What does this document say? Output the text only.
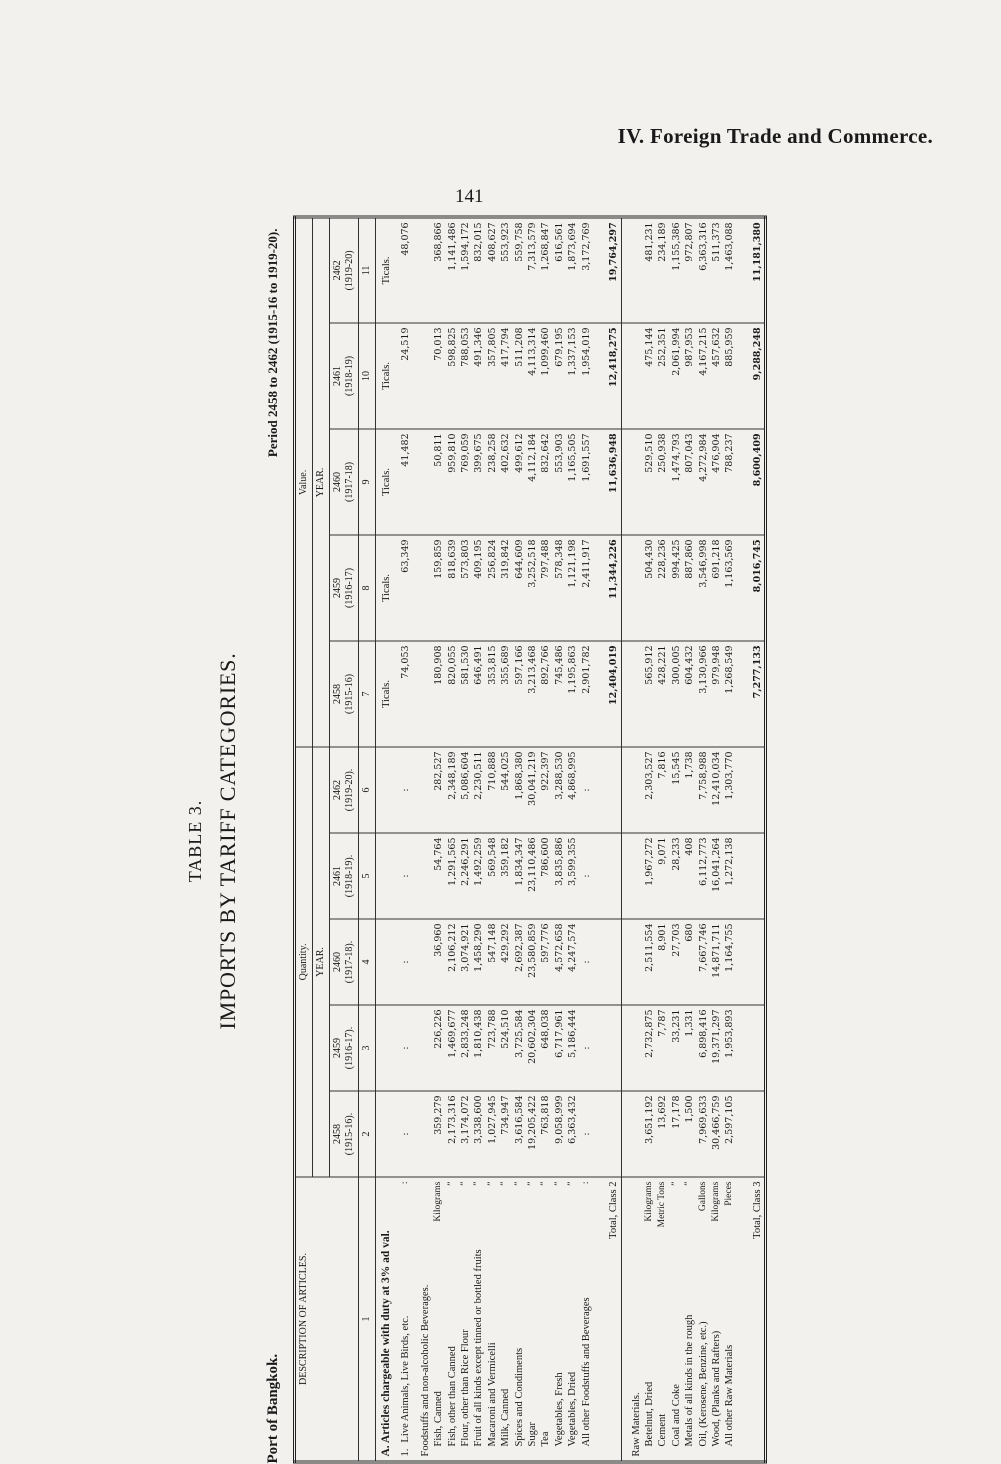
IV. Foreign Trade and Commerce.
141
TABLE 3. IMPORTS BY TARIFF CATEGORIES.
Port of Bangkok.
Period 2458 to 2462 (1915-16 to 1919-20).
DESCRIPTION OF ARTICLES.	Quantity.					Value.				
	YEAR.					YEAR.				
	2458
(1915-16).	2459
(1916-17).	2460
(1917-18).	2461
(1918-19).	2462
(1919-20).	2458
(1915-16)	2459
(1916-17)	2460
(1917-18)	2461
(1918-19)	2462
(1919-20)
1	2	3	4	5	6	7	8	9	10	11

A. Articles chargeable with duty at 3% ad val.						Ticals.	Ticals.	Ticals.	Ticals.	Ticals.

1.Live Animals, Live Birds, etc.
:	:	:	:	:	:	74,053	63,349	41,482	24,519	48,076

Foodstuffs and non-alcoholic Beverages.										
Fish, Canned
Kilograms	359,279	226,226	36,960	54,764	282,527	180,908	159,859	50,811	70,013	368,866
Fish, other than Canned
”	2,173,316	1,469,677	2,106,212	1,291,565	2,348,189	820,055	818,639	959,810	598,825	1,141,486
Flour, other than Rice Flour
”	3,174,072	2,833,248	3,074,921	2,246,291	5,086,604	581,530	573,803	769,059	788,053	1,594,172
Fruit of all kinds except tinned or bottled fruits
”	3,338,600	1,810,438	1,458,290	1,492,259	2,230,511	646,491	409,195	399,675	491,346	832,015
Macaroni and Vermicelli
”	1,027,945	723,788	547,148	569,548	710,888	353,815	256,824	238,258	357,805	408,627
Milk, Canned
”	734,947	524,510	429,292	359,182	544,025	355,689	319,842	402,632	417,794	553,923
Spices and Condiments
”	3,616,584	3,725,584	2,692,387	1,834,347	1,868,380	597,166	644,609	499,612	511,208	559,758
Sugar
”	19,205,422	20,602,304	23,580,859	23,110,486	30,041,219	3,213,468	3,252,518	4,112,184	4,113,314	7,313,579
Tea
”	763,818	648,038	597,776	786,600	922,397	892,766	797,488	832,642	1,099,460	1,268,847
Vegetables, Fresh
”	9,058,999	6,717,961	4,572,658	3,835,886	3,288,530	745,486	578,348	553,903	679,195	616,561
Vegetables, Dried
”	6,363,432	5,186,444	4,247,574	3,599,355	4,868,995	1,195,863	1,121,198	1,165,505	1,337,153	1,873,694
All other Foodstuffs and Beverages
:	:	:	:	:	:	2,901,782	2,411,917	1,691,557	1,954,019	3,172,769

Total, Class 2						12,404,019	11,344,226	11,636,948	12,418,275	19,764,297

Raw Materials.										
Betelnut, Dried
Kilograms	3,651,192	2,732,875	2,511,554	1,967,272	2,303,527	565,912	504,430	529,510	475,144	481,231
Cement
Metric Tons	13,692	7,787	8,901	9,071	7,816	428,221	228,236	250,938	252,351	234,189
Coal and Coke
”	17,178	33,231	27,703	28,233	15,545	300,005	994,425	1,474,793	2,061,994	1,155,386
Metals of all kinds in the rough
”	1,500	1,331	680	408	1,738	604,432	887,860	807,043	987,953	972,807
Oil, (Kerosene, Benzine, etc.)
Gallons	7,969,633	6,898,416	7,667,746	6,112,773	7,758,988	3,130,966	3,546,998	4,272,984	4,167,215	6,363,316
Wood, (Planks and Rafters)
Kilograms	30,466,759	19,371,297	14,871,711	16,041,264	12,410,034	979,948	691,218	476,904	457,632	511,373
All other Raw Materials
Pieces	2,597,105	1,953,893	1,164,755	1,272,138	1,303,770	1,268,549	1,163,569	788,237	885,959	1,463,088

Total, Class 3						7,277,133	8,016,745	8,600,409	9,288,248	11,181,380
